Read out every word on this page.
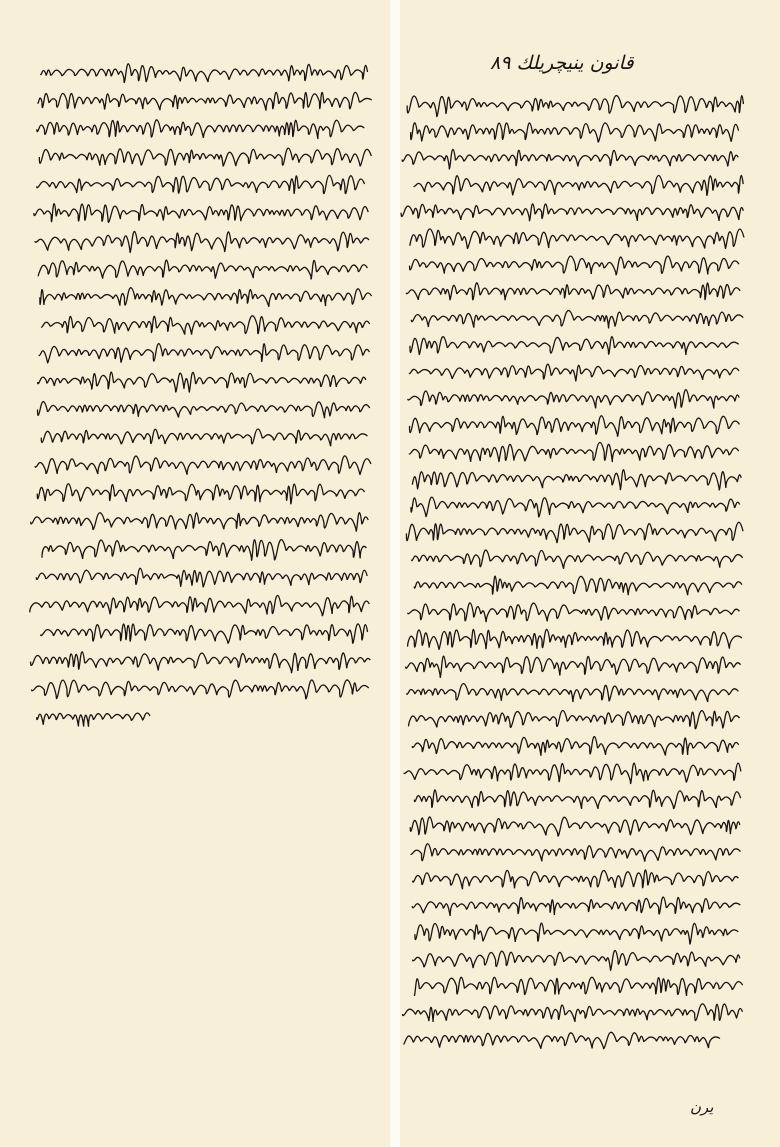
قانون ينيچريلك ٨٩
يرن
